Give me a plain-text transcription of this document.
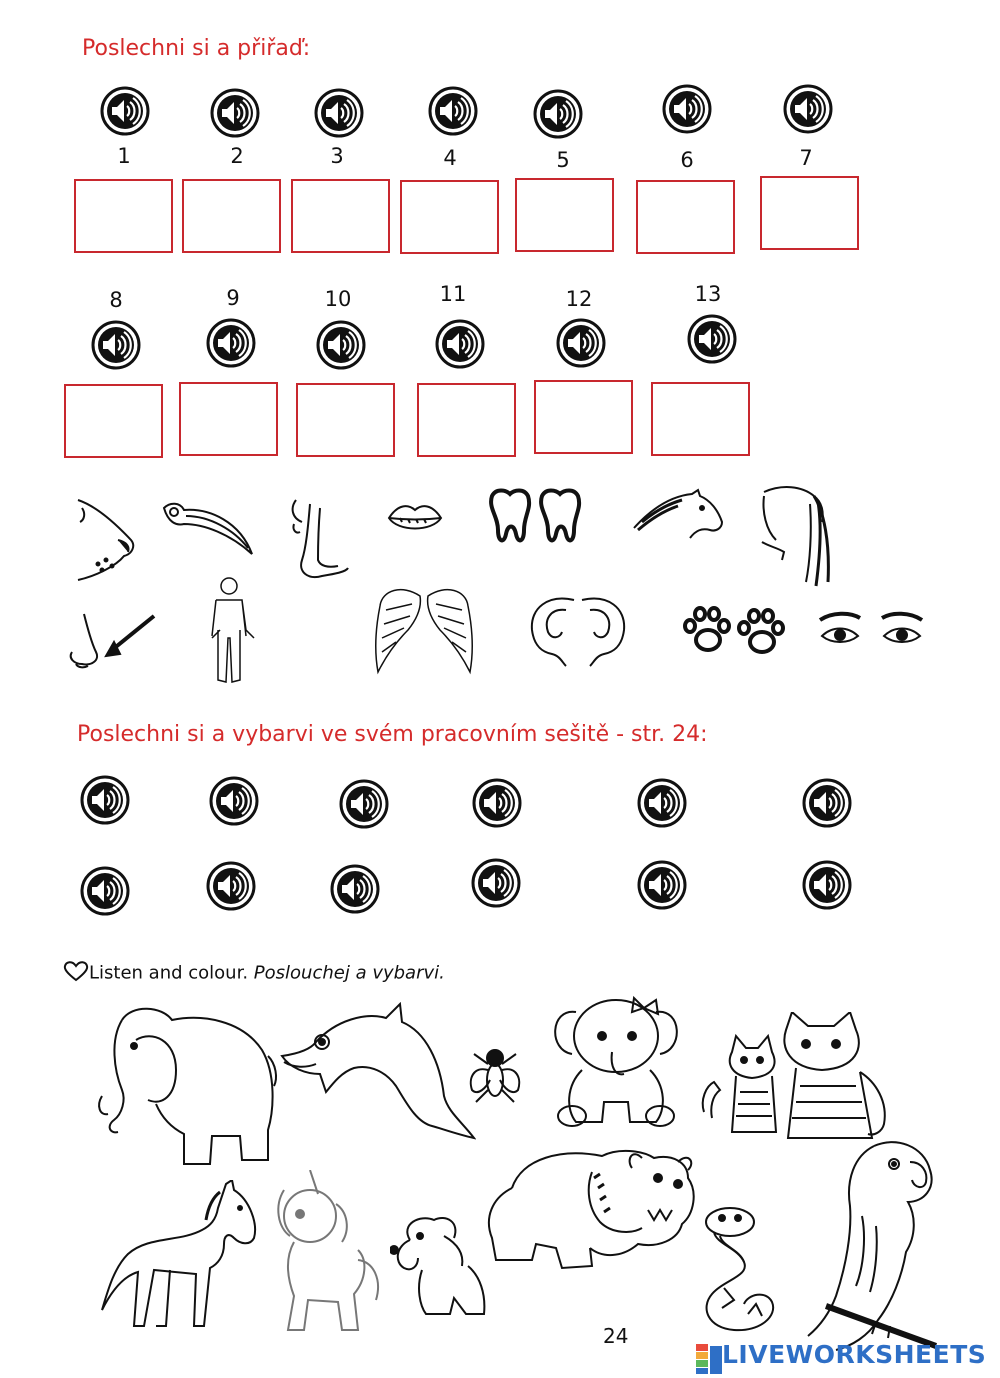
Poslechni si a přiřaď:
1	2	3	4	5	6	7
8	9	10	11	12	13
Poslechni si a vybarvi ve svém pracovním sešitě - str. 24:
Listen and colour. Poslouchej a vybarvi.
24
LIVEWORKSHEETS
